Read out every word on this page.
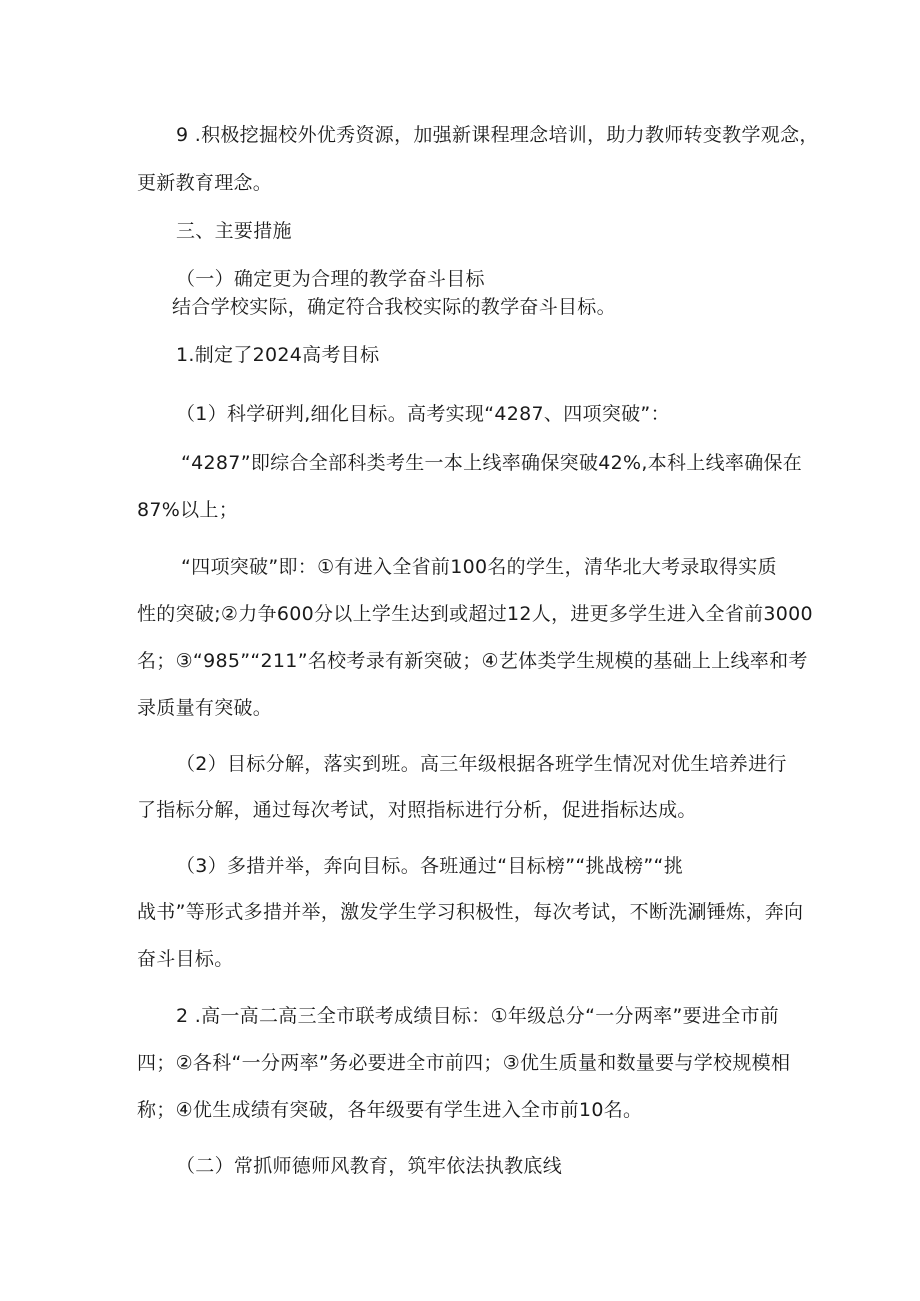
9 .积极挖掘校外优秀资源，加强新课程理念培训，助力教师转变教学观念，
更新教育理念。
三、主要措施
（一）确定更为合理的教学奋斗目标
结合学校实际，确定符合我校实际的教学奋斗目标。
1.制定了2024高考目标
（1）科学研判,细化目标。高考实现“4287、四项突破”：
“4287”即综合全部科类考生一本上线率确保突破42%,本科上线率确保在
87%以上；
“四项突破”即：①有进入全省前100名的学生，清华北大考录取得实质
性的突破;②力争600分以上学生达到或超过12人，进更多学生进入全省前3000
名；③“985”“211”名校考录有新突破；④艺体类学生规模的基础上上线率和考
录质量有突破。
（2）目标分解，落实到班。高三年级根据各班学生情况对优生培养进行
了指标分解，通过每次考试，对照指标进行分析，促进指标达成。
（3）多措并举，奔向目标。各班通过“目标榜”“挑战榜”“挑
战书”等形式多措并举，激发学生学习积极性，每次考试，不断洗涮锤炼，奔向
奋斗目标。
2 .高一高二高三全市联考成绩目标：①年级总分“一分两率”要进全市前
四；②各科“一分两率”务必要进全市前四；③优生质量和数量要与学校规模相
称；④优生成绩有突破，各年级要有学生进入全市前10名。
（二）常抓师德师风教育，筑牢依法执教底线
